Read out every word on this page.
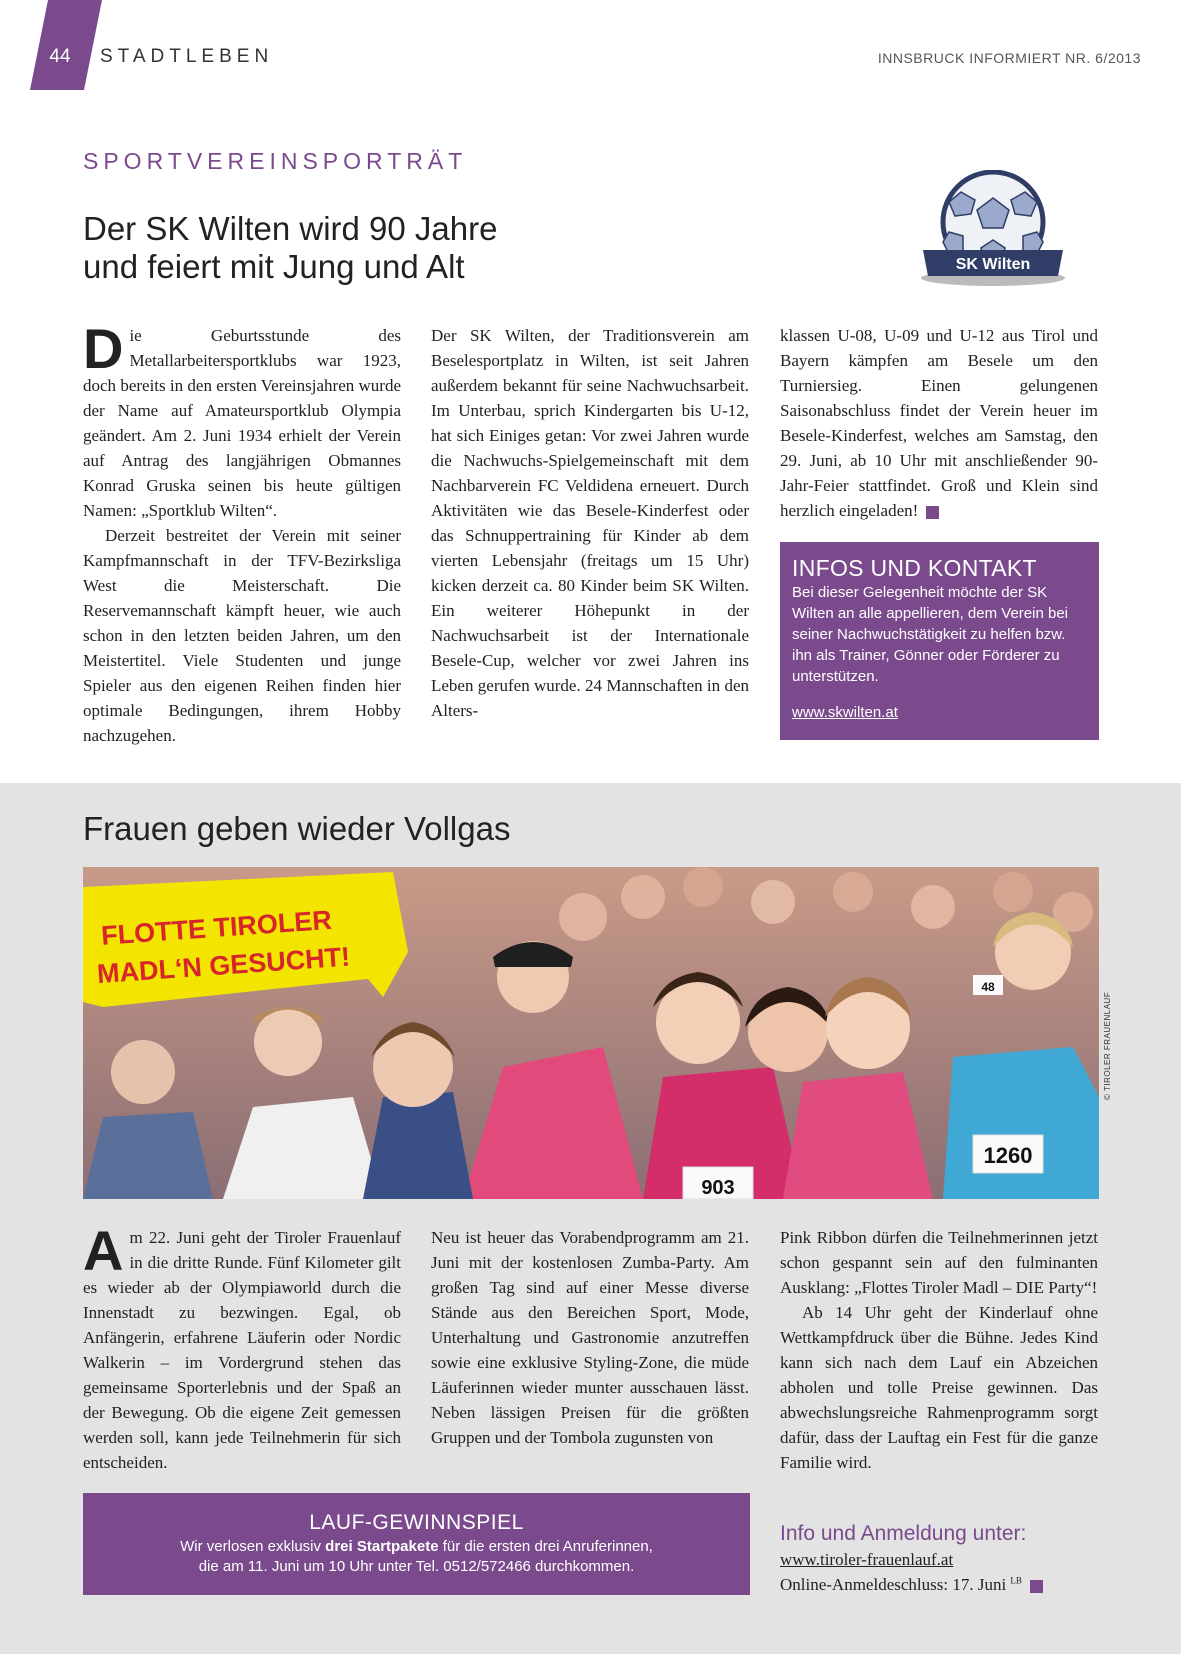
44	STADTLEBEN	INNSBRUCK INFORMIERT NR. 6/2013
SPORTVEREINSPORTRÄT
Der SK Wilten wird 90 Jahre
und feiert mit Jung und Alt	SK Wilten

Die Geburtsstunde des Metallarbeitersportklubs war 1923, doch bereits in den ersten Vereinsjahren wurde der Name auf Amateursportklub Olympia geändert. Am 2. Juni 1934 erhielt der Verein auf Antrag des langjährigen Obmannes Konrad Gruska seinen bis heute gültigen Namen: „Sportklub Wilten“.

Derzeit bestreitet der Verein mit seiner Kampfmannschaft in der TFV-Bezirksliga West die Meisterschaft. Die Reservemannschaft kämpft heuer, wie auch schon in den letzten beiden Jahren, um den Meistertitel. Viele Studenten und junge Spieler aus den eigenen Reihen finden hier optimale Bedingungen, ihrem Hobby nachzugehen.

Der SK Wilten, der Traditionsverein am Beselesportplatz in Wilten, ist seit Jahren außerdem bekannt für seine Nachwuchsarbeit. Im Unterbau, sprich Kindergarten bis U-12, hat sich Einiges getan: Vor zwei Jahren wurde die Nachwuchs-Spielgemeinschaft mit dem Nachbarverein FC Veldidena erneuert. Durch Aktivitäten wie das Besele-Kinderfest oder das Schnuppertraining für Kinder ab dem vierten Lebensjahr (freitags um 15 Uhr) kicken derzeit ca. 80 Kinder beim SK Wilten. Ein weiterer Höhepunkt in der Nachwuchsarbeit ist der Internationale Besele-Cup, welcher vor zwei Jahren ins Leben gerufen wurde. 24 Mannschaften in den Alters-

klassen U-08, U-09 und U-12 aus Tirol und Bayern kämpfen am Besele um den Turniersieg. Einen gelungenen Saisonabschluss findet der Verein heuer im Besele-Kinderfest, welches am Samstag, den 29. Juni, ab 10 Uhr mit anschließender 90-Jahr-Feier stattfindet. Groß und Klein sind herzlich eingeladen!

INFOS UND KONTAKT
Bei dieser Gelegenheit möchte der SK Wilten an alle appellieren, dem Verein bei seiner Nachwuchstätigkeit zu helfen bzw. ihn als Trainer, Gönner oder Förderer zu unterstützen.
www.skwilten.at
Frauen geben wieder Vollgas
1260
903
48
FLOTTE TIROLER
MADL‘N GESUCHT!
© TIROLER FRAUENLAUF

Am 22. Juni geht der Tiroler Frauenlauf in die dritte Runde. Fünf Kilometer gilt es wieder ab der Olympiaworld durch die Innenstadt zu bezwingen. Egal, ob Anfängerin, erfahrene Läuferin oder Nordic Walkerin – im Vordergrund stehen das gemeinsame Sporterlebnis und der Spaß an der Bewegung. Ob die eigene Zeit gemessen werden soll, kann jede Teilnehmerin für sich entscheiden.

Neu ist heuer das Vorabendprogramm am 21. Juni mit der kostenlosen Zumba-Party. Am großen Tag sind auf einer Messe diverse Stände aus den Bereichen Sport, Mode, Unterhaltung und Gastronomie anzutreffen sowie eine exklusive Styling-Zone, die müde Läuferinnen wieder munter ausschauen lässt. Neben lässigen Preisen für die größten Gruppen und der Tombola zugunsten von

Pink Ribbon dürfen die Teilnehmerinnen jetzt schon gespannt sein auf den fulminanten Ausklang: „Flottes Tiroler Madl – DIE Party“!

Ab 14 Uhr geht der Kinderlauf ohne Wettkampfdruck über die Bühne. Jedes Kind kann sich nach dem Lauf ein Abzeichen abholen und tolle Preise gewinnen. Das abwechslungsreiche Rahmenprogramm sorgt dafür, dass der Lauftag ein Fest für die ganze Familie wird.

LAUF-GEWINNSPIEL
Wir verlosen exklusiv drei Startpakete für die ersten drei Anruferinnen,
die am 11. Juni um 10 Uhr unter Tel. 0512/572466 durchkommen.
Info und Anmeldung unter:
www.tiroler-frauenlauf.at
Online-Anmeldeschluss: 17. Juni $^{LB}$
